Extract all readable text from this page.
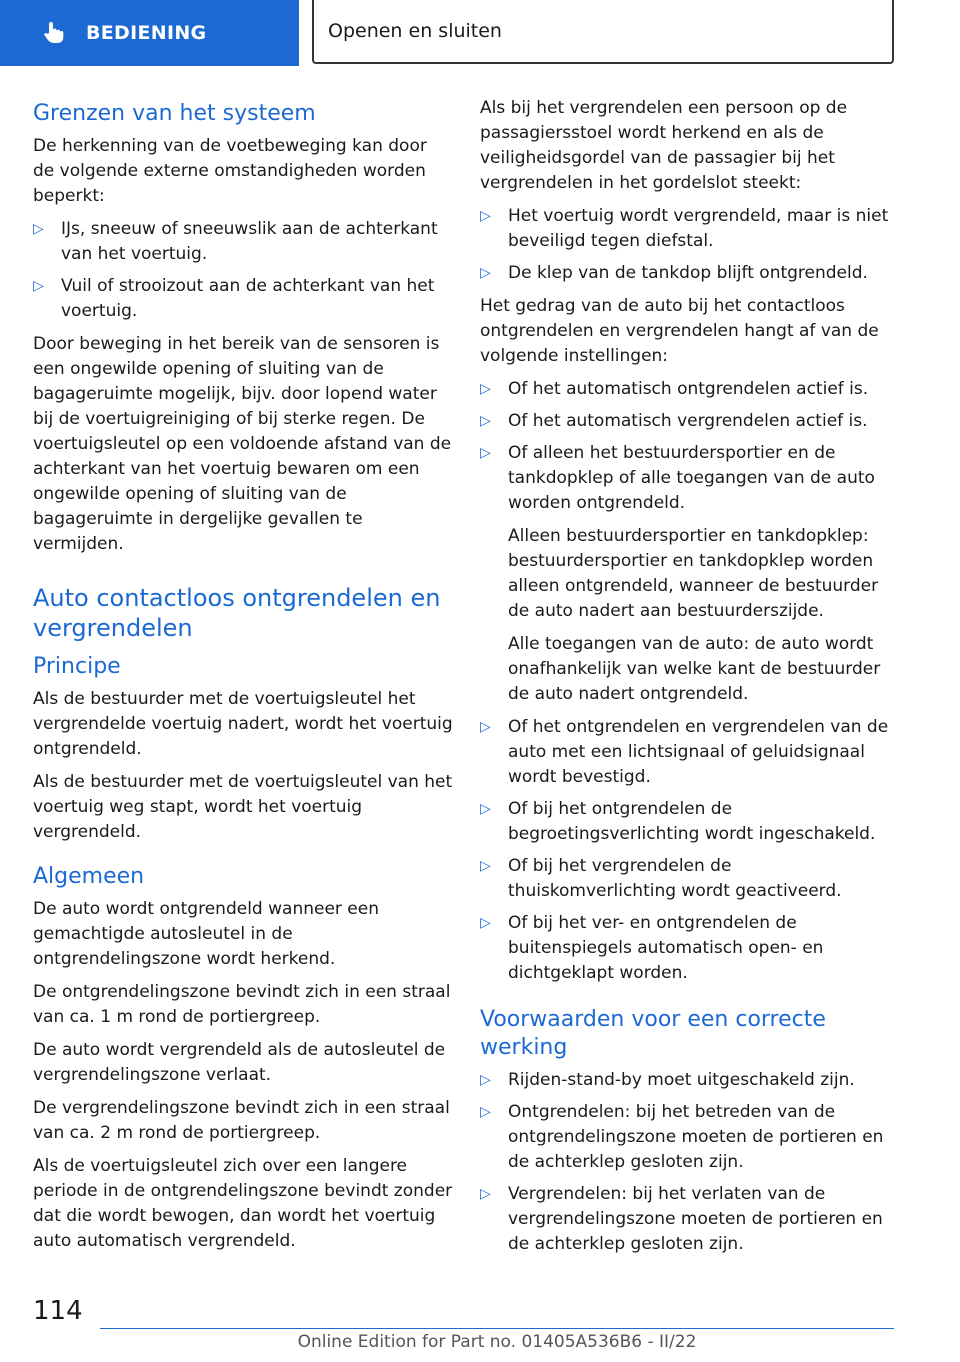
BEDIENING	Openen en sluiten
Grenzen van het systeem

De herkenning van de voetbeweging kan door de volgende externe omstandigheden worden beperkt:

▷ IJs, sneeuw of sneeuwslik aan de achterkant van het voertuig.
▷ Vuil of strooizout aan de achterkant van het voertuig.

Door beweging in het bereik van de sensoren is een ongewilde opening of sluiting van de bagageruimte mogelijk, bijv. door lopend water bij de voertuigreiniging of bij sterke regen. De voertuigsleutel op een voldoende afstand van de achterkant van het voertuig bewaren om een ongewilde opening of sluiting van de bagageruimte in dergelijke gevallen te vermijden.

Auto contactloos ontgrendelen en vergrendelen
Principe

Als de bestuurder met de voertuigsleutel het vergrendelde voertuig nadert, wordt het voertuig ontgrendeld.

Als de bestuurder met de voertuigsleutel van het voertuig weg stapt, wordt het voertuig vergrendeld.

Algemeen

De auto wordt ontgrendeld wanneer een gemachtigde autosleutel in de ontgrendelingszone wordt herkend.

De ontgrendelingszone bevindt zich in een straal van ca. 1 m rond de portiergreep.

De auto wordt vergrendeld als de autosleutel de vergrendelingszone verlaat.

De vergrendelingszone bevindt zich in een straal van ca. 2 m rond de portiergreep.

Als de voertuigsleutel zich over een langere periode in de ontgrendelingszone bevindt zonder dat die wordt bewogen, dan wordt het voertuig auto automatisch vergrendeld.

Als bij het vergrendelen een persoon op de passagiersstoel wordt herkend en als de veiligheidsgordel van de passagier bij het vergrendelen in het gordelslot steekt:

▷ Het voertuig wordt vergrendeld, maar is niet beveiligd tegen diefstal.
▷ De klep van de tankdop blijft ontgrendeld.

Het gedrag van de auto bij het contactloos ontgrendelen en vergrendelen hangt af van de volgende instellingen:

▷ Of het automatisch ontgrendelen actief is.
▷ Of het automatisch vergrendelen actief is.
▷ Of alleen het bestuurdersportier en de tankdopklep of alle toegangen van de auto worden ontgrendeld.

Alleen bestuurdersportier en tankdopklep: bestuurdersportier en tankdopklep worden alleen ontgrendeld, wanneer de bestuurder de auto nadert aan bestuurderszijde.

Alle toegangen van de auto: de auto wordt onafhankelijk van welke kant de bestuurder de auto nadert ontgrendeld.

▷ Of het ontgrendelen en vergrendelen van de auto met een lichtsignaal of geluidsignaal wordt bevestigd.
▷ Of bij het ontgrendelen de begroetingsverlichting wordt ingeschakeld.
▷ Of bij het vergrendelen de thuiskomverlichting wordt geactiveerd.
▷ Of bij het ver- en ontgrendelen de buitenspiegels automatisch open- en dichtgeklapt worden.
Voorwaarden voor een correcte werking
▷ Rijden-stand-by moet uitgeschakeld zijn.
▷ Ontgrendelen: bij het betreden van de ontgrendelingszone moeten de portieren en de achterklep gesloten zijn.
▷ Vergrendelen: bij het verlaten van de vergrendelingszone moeten de portieren en de achterklep gesloten zijn.
114
Online Edition for Part no. 01405A536B6 - II/22
